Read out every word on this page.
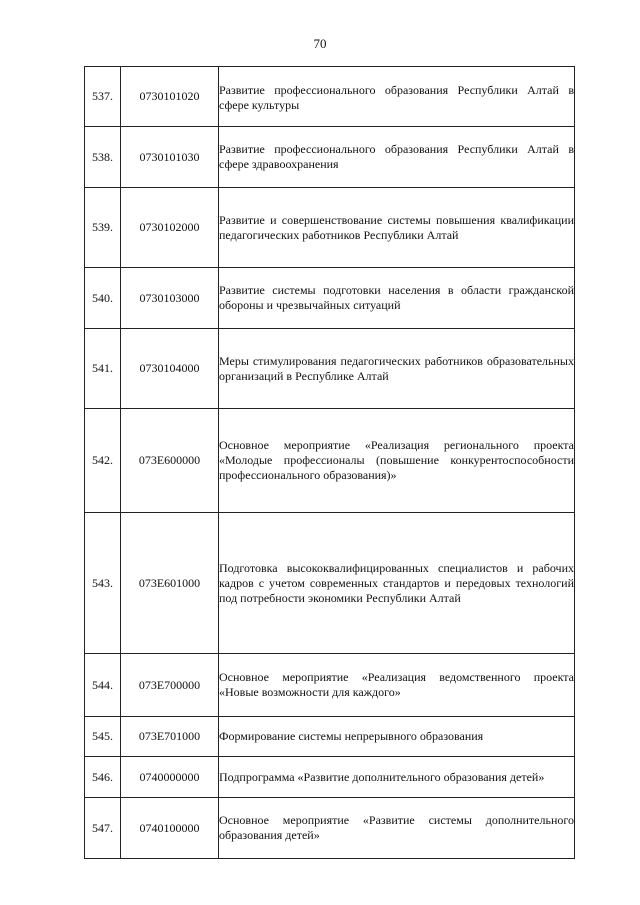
70
537.	0730101020	Развитие профессионального образования Республики Алтай в сфере культуры

538.	0730101030	Развитие профессионального образования Республики Алтай в сфере здравоохранения

539.	0730102000	Развитие и совершенствование системы повышения квалификации педагогических работников Республики Алтай

540.	0730103000	Развитие системы подготовки населения в области гражданской обороны и чрезвычайных ситуаций

541.	0730104000	Меры стимулирования педагогических работников образовательных организаций в Республике Алтай

542.	073E600000	Основное мероприятие «Реализация регионального проекта «Молодые профессионалы (повышение конкурентоспособности профессионального образования)»

543.	073E601000	Подготовка высококвалифицированных специалистов и рабочих кадров с учетом современных стандартов и передовых технологий под потребности экономики Республики Алтай

544.	073E700000	Основное мероприятие «Реализация ведомственного проекта «Новые возможности для каждого»

545.	073E701000	Формирование системы непрерывного образования

546.	0740000000	Подпрограмма «Развитие дополнительного образования детей»

547.	0740100000	Основное мероприятие «Развитие системы дополнительного образования детей»
